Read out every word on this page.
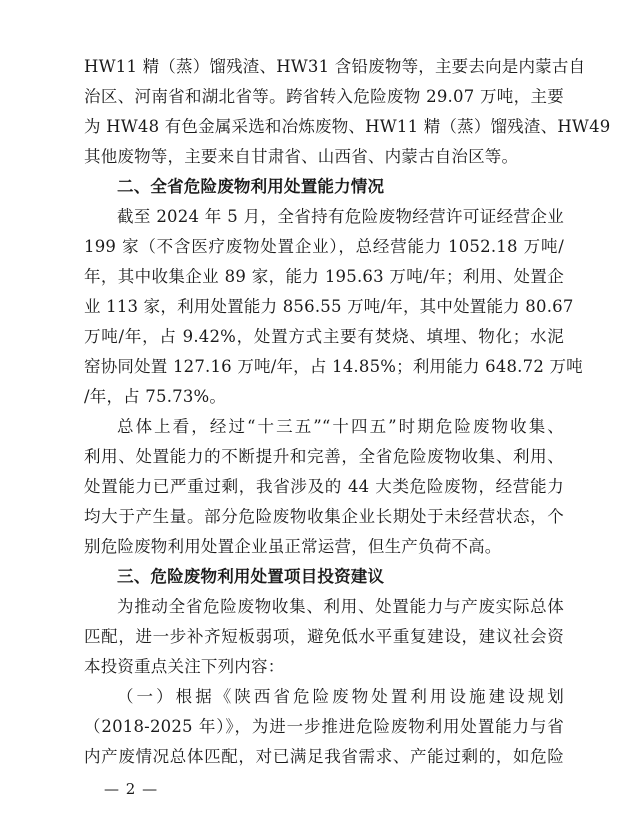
HW11 精（蒸）馏残渣、HW31 含铅废物等，主要去向是内蒙古自
治区、河南省和湖北省等。跨省转入危险废物 29.07 万吨，主要
为 HW48 有色金属采选和冶炼废物、HW11 精（蒸）馏残渣、HW49
其他废物等，主要来自甘肃省、山西省、内蒙古自治区等。
二、全省危险废物利用处置能力情况
截至 2024 年 5 月，全省持有危险废物经营许可证经营企业
199 家（不含医疗废物处置企业），总经营能力 1052.18 万吨/
年，其中收集企业 89 家，能力 195.63 万吨/年；利用、处置企
业 113 家，利用处置能力 856.55 万吨/年，其中处置能力 80.67
万吨/年，占 9.42%，处置方式主要有焚烧、填埋、物化；水泥
窑协同处置 127.16 万吨/年，占 14.85%；利用能力 648.72 万吨
/年，占 75.73%。
总体上看，经过“十三五”“十四五”时期危险废物收集、
利用、处置能力的不断提升和完善，全省危险废物收集、利用、
处置能力已严重过剩，我省涉及的 44 大类危险废物，经营能力
均大于产生量。部分危险废物收集企业长期处于未经营状态，个
别危险废物利用处置企业虽正常运营，但生产负荷不高。
三、危险废物利用处置项目投资建议
为推动全省危险废物收集、利用、处置能力与产废实际总体
匹配，进一步补齐短板弱项，避免低水平重复建设，建议社会资
本投资重点关注下列内容：
（一）根据《陕西省危险废物处置利用设施建设规划
（2018-2025 年）》，为进一步推进危险废物利用处置能力与省
内产废情况总体匹配，对已满足我省需求、产能过剩的，如危险
— 2 —
